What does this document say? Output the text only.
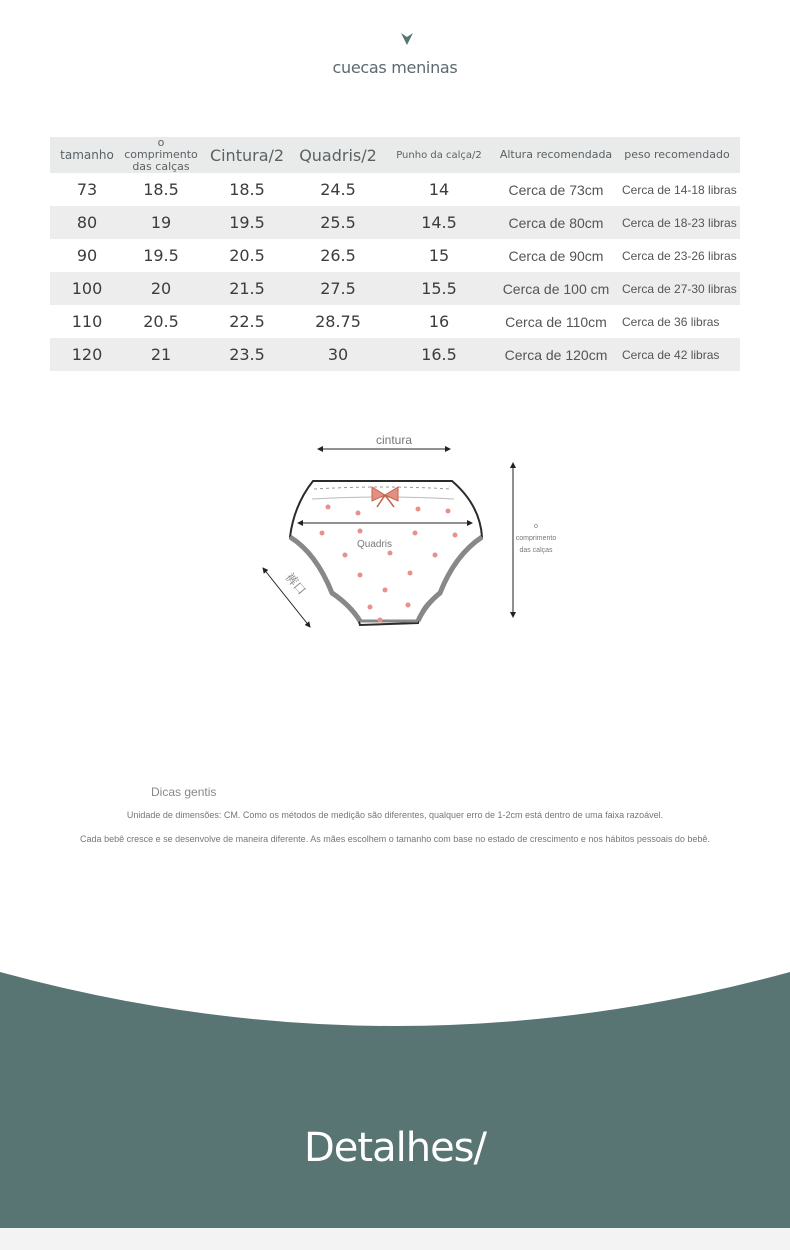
cuecas meninas
tamanho	o comprimento das calças	Cintura/2	Quadris/2	Punho da calça/2	Altura recomendada	peso recomendado
73	18.5	18.5	24.5	14	Cerca de 73cm	Cerca de 14-18 libras
80	19	19.5	25.5	14.5	Cerca de 80cm	Cerca de 18-23 libras
90	19.5	20.5	26.5	15	Cerca de 90cm	Cerca de 23-26 libras
100	20	21.5	27.5	15.5	Cerca de 100 cm	Cerca de 27-30 libras
110	20.5	22.5	28.75	16	Cerca de 110cm	Cerca de 36 libras
120	21	23.5	30	16.5	Cerca de 120cm	Cerca de 42 libras
cintura
Quadris
裤口
o
comprimento
das calças
Dicas gentis
Unidade de dimensões: CM. Como os métodos de medição são diferentes, qualquer erro de 1-2cm está dentro de uma faixa razoável.
Cada bebê cresce e se desenvolve de maneira diferente. As mães escolhem o tamanho com base no estado de crescimento e nos hábitos pessoais do bebê.
Detalhes/
